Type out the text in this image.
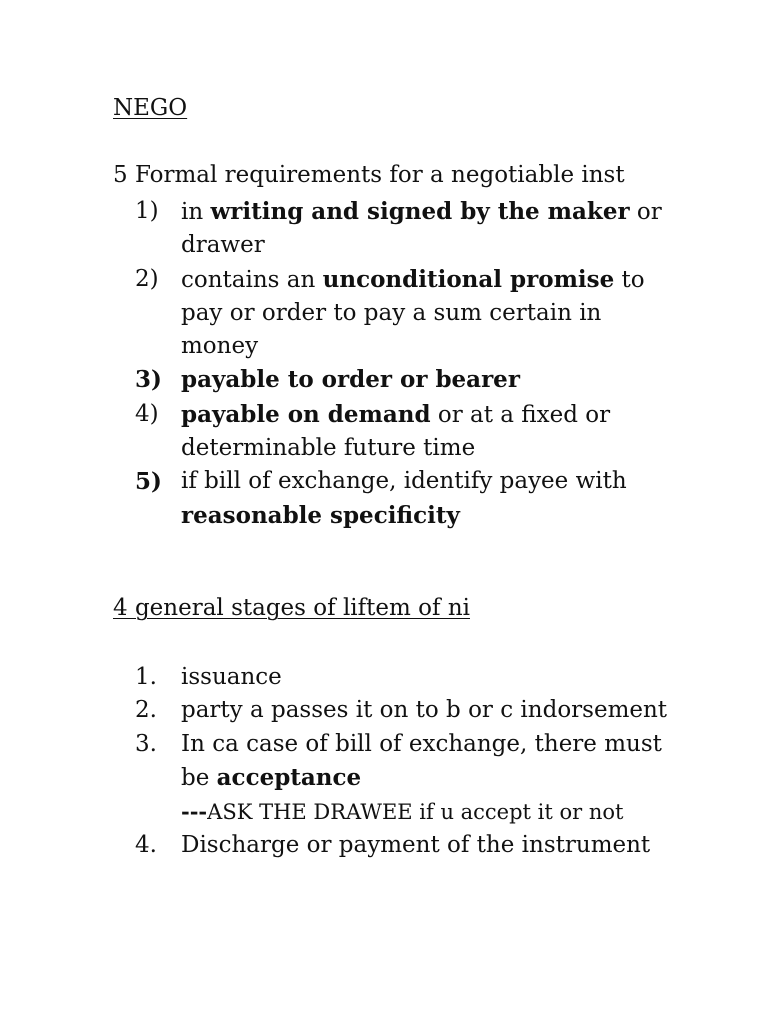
NEGO
5 Formal requirements for a negotiable inst
1) in writing and signed by the maker or drawer
2) contains an unconditional promise to pay or order to pay a sum certain in money
3) payable to order or bearer
4) payable on demand or at a fixed or determinable future time
5) if bill of exchange, identify payee with reasonable specificity
4 general stages of liftem of ni
1. issuance
2. party a passes it on to b or c indorsement
3. In ca case of bill of exchange, there must be acceptance
---ASK THE DRAWEE if u accept it or not
4. Discharge or payment of the instrument
